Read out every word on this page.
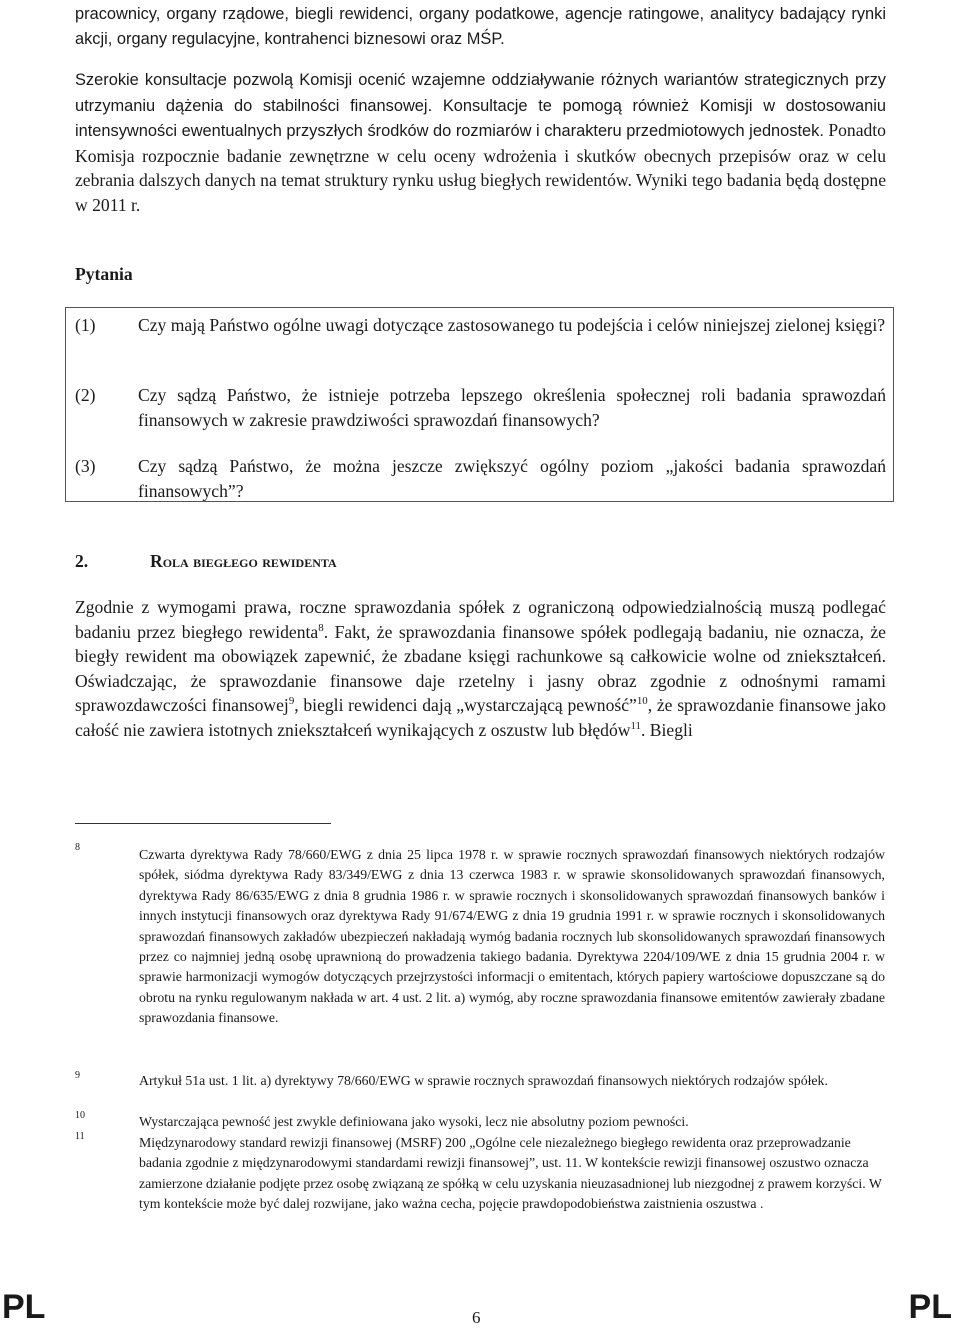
pracownicy, organy rządowe, biegli rewidenci, organy podatkowe, agencje ratingowe, analitycy badający rynki akcji, organy regulacyjne, kontrahenci biznesowi oraz MŚP.

Szerokie konsultacje pozwolą Komisji ocenić wzajemne oddziaływanie różnych wariantów strategicznych przy utrzymaniu dążenia do stabilności finansowej. Konsultacje te pomogą również Komisji w dostosowaniu intensywności ewentualnych przyszłych środków do rozmiarów i charakteru przedmiotowych jednostek. Ponadto Komisja rozpocznie badanie zewnętrzne w celu oceny wdrożenia i skutków obecnych przepisów oraz w celu zebrania dalszych danych na temat struktury rynku usług biegłych rewidentów. Wyniki tego badania będą dostępne w 2011 r.

Pytania
(1) Czy mają Państwo ogólne uwagi dotyczące zastosowanego tu podejścia i celów niniejszej zielonej księgi?
(2) Czy sądzą Państwo, że istnieje potrzeba lepszego określenia społecznej roli badania sprawozdań finansowych w zakresie prawdziwości sprawozdań finansowych?
(3) Czy sądzą Państwo, że można jeszcze zwiększyć ogólny poziom „jakości badania sprawozdań finansowych”?
2.	Rola biegłego rewidenta

Zgodnie z wymogami prawa, roczne sprawozdania spółek z ograniczoną odpowiedzialnością muszą podlegać badaniu przez biegłego rewidenta$^8$. Fakt, że sprawozdania finansowe spółek podlegają badaniu, nie oznacza, że biegły rewident ma obowiązek zapewnić, że zbadane księgi rachunkowe są całkowicie wolne od zniekształceń. Oświadczając, że sprawozdanie finansowe daje rzetelny i jasny obraz zgodnie z odnośnymi ramami sprawozdawczości finansowej$^9$, biegli rewidenci dają „wystarczającą pewność”$^{10}$, że sprawozdanie finansowe jako całość nie zawiera istotnych zniekształceń wynikających z oszustw lub błędów$^{11}$. Biegli

8	Czwarta dyrektywa Rady 78/660/EWG z dnia 25 lipca 1978 r. w sprawie rocznych sprawozdań finansowych niektórych rodzajów spółek, siódma dyrektywa Rady 83/349/EWG z dnia 13 czerwca 1983 r. w sprawie skonsolidowanych sprawozdań finansowych, dyrektywa Rady 86/635/EWG z dnia 8 grudnia 1986 r. w sprawie rocznych i skonsolidowanych sprawozdań finansowych banków i innych instytucji finansowych oraz dyrektywa Rady 91/674/EWG z dnia 19 grudnia 1991 r. w sprawie rocznych i skonsolidowanych sprawozdań finansowych zakładów ubezpieczeń nakładają wymóg badania rocznych lub skonsolidowanych sprawozdań finansowych przez co najmniej jedną osobę uprawnioną do prowadzenia takiego badania. Dyrektywa 2204/109/WE z dnia 15 grudnia 2004 r. w sprawie harmonizacji wymogów dotyczących przejrzystości informacji o emitentach, których papiery wartościowe dopuszczane są do obrotu na rynku regulowanym nakłada w art. 4 ust. 2 lit. a) wymóg, aby roczne sprawozdania finansowe emitentów zawierały zbadane sprawozdania finansowe.

9	Artykuł 51a ust. 1 lit. a) dyrektywy 78/660/EWG w sprawie rocznych sprawozdań finansowych niektórych rodzajów spółek.

10	Wystarczająca pewność jest zwykle definiowana jako wysoki, lecz nie absolutny poziom pewności.

11	Międzynarodowy standard rewizji finansowej (MSRF) 200 „Ogólne cele niezależnego biegłego rewidenta oraz przeprowadzanie badania zgodnie z międzynarodowymi standardami rewizji finansowej”, ust. 11. W kontekście rewizji finansowej oszustwo oznacza zamierzone działanie podjęte przez osobę związaną ze spółką w celu uzyskania nieuzasadnionej lub niezgodnej z prawem korzyści. W tym kontekście może być dalej rozwijane, jako ważna cecha, pojęcie prawdopodobieństwa zaistnienia oszustwa .

PL	6	PL
